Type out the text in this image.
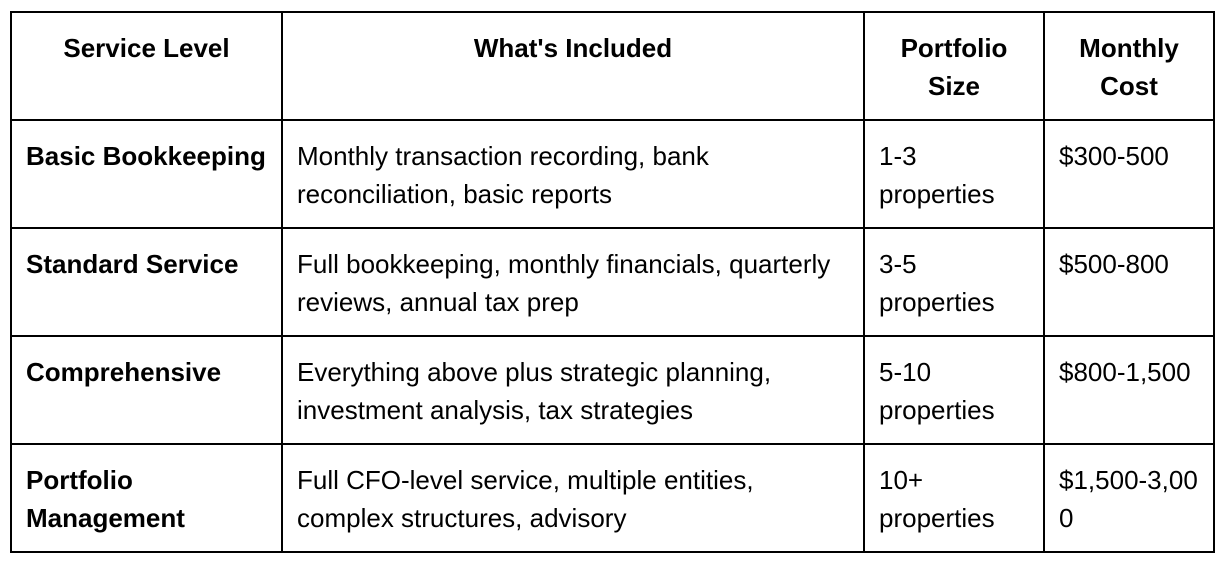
Service Level	What's Included	Portfolio Size	Monthly Cost
Basic Bookkeeping	Monthly transaction recording, bank reconciliation, basic reports	1-3 properties	$300-500
Standard Service	Full bookkeeping, monthly financials, quarterly reviews, annual tax prep	3-5 properties	$500-800
Comprehensive	Everything above plus strategic planning, investment analysis, tax strategies	5-10 properties	$800-1,500
Portfolio Management	Full CFO-level service, multiple entities, complex structures, advisory	10+ properties	$1,500-3,000
